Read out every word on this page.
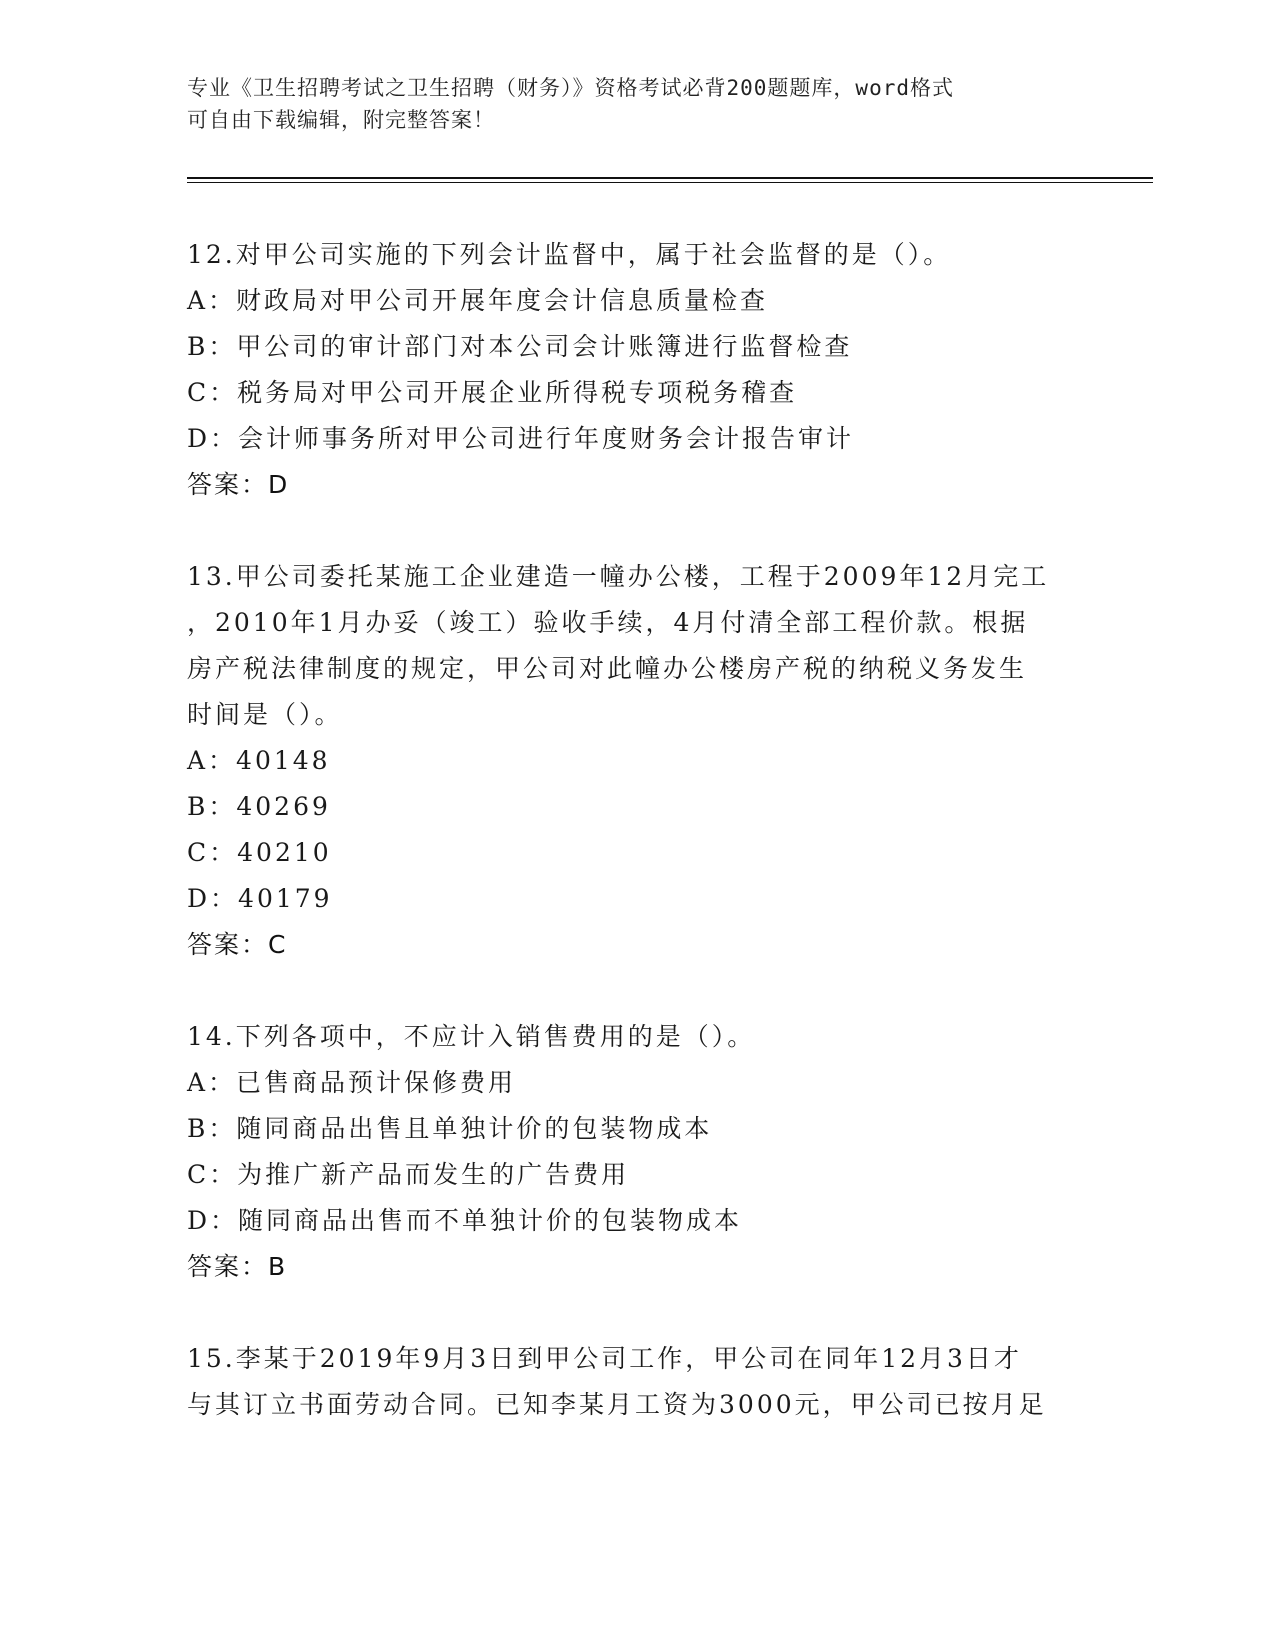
专业《卫生招聘考试之卫生招聘（财务）》资格考试必背200题题库，word格式
可自由下载编辑，附完整答案！
12.对甲公司实施的下列会计监督中，属于社会监督的是（）。
A：财政局对甲公司开展年度会计信息质量检查
B：甲公司的审计部门对本公司会计账簿进行监督检查
C：税务局对甲公司开展企业所得税专项税务稽查
D：会计师事务所对甲公司进行年度财务会计报告审计
答案：D
13.甲公司委托某施工企业建造一幢办公楼，工程于2009年12月完工
，2010年1月办妥（竣工）验收手续，4月付清全部工程价款。根据
房产税法律制度的规定，甲公司对此幢办公楼房产税的纳税义务发生
时间是（）。
A：40148
B：40269
C：40210
D：40179
答案：C
14.下列各项中，不应计入销售费用的是（）。
A：已售商品预计保修费用
B：随同商品出售且单独计价的包装物成本
C：为推广新产品而发生的广告费用
D：随同商品出售而不单独计价的包装物成本
答案：B
15.李某于2019年9月3日到甲公司工作，甲公司在同年12月3日才
与其订立书面劳动合同。已知李某月工资为3000元，甲公司已按月足
